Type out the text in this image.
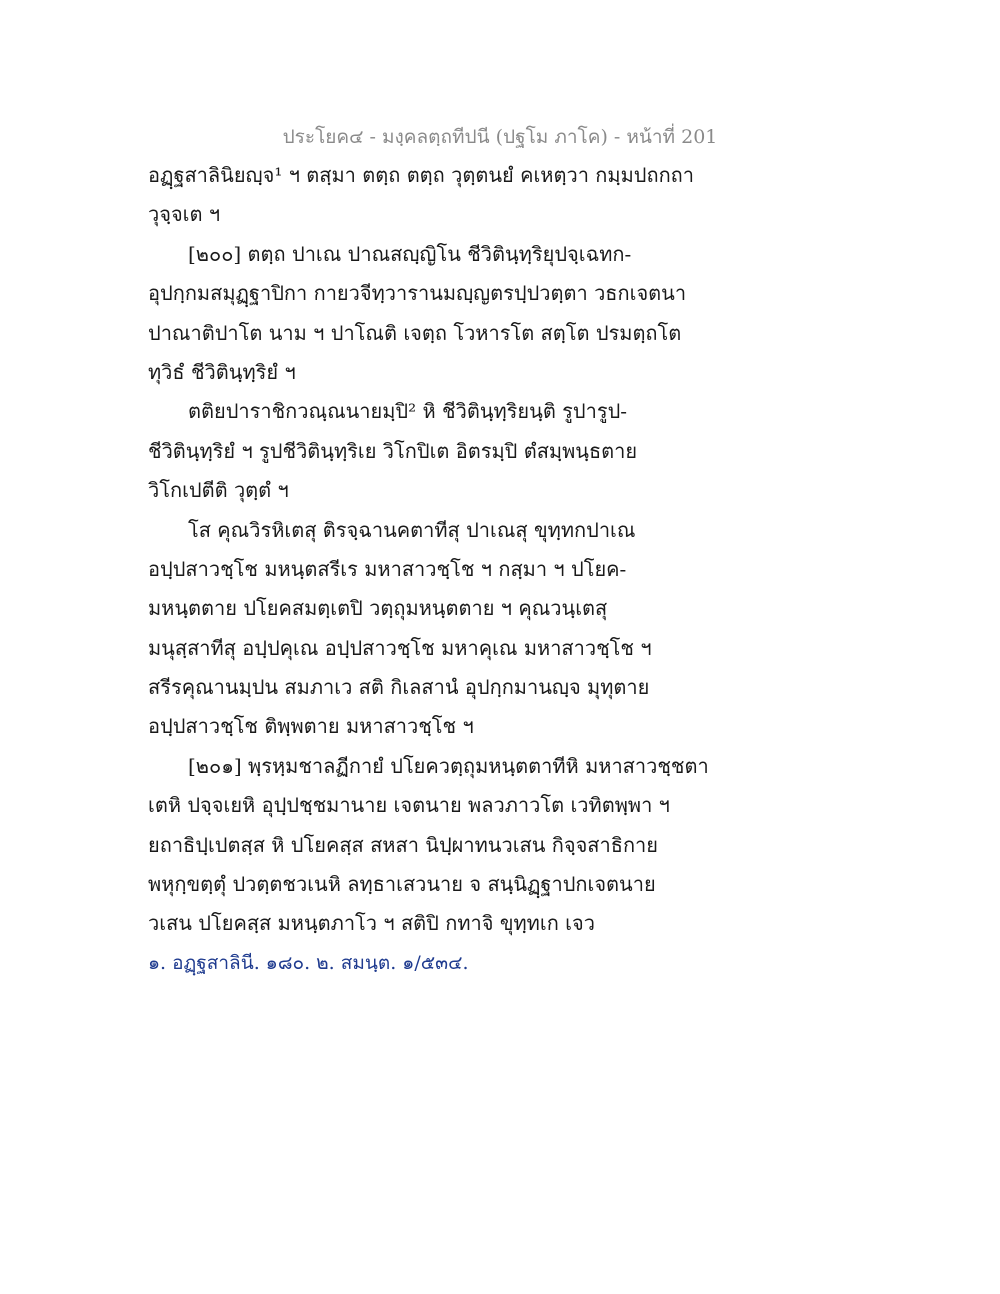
ประโยค๔ - มงฺคลตฺถทีปนี (ปฐโม ภาโค) - หน้าที่ 201
อฏฺฐสาลินิยญฺจ¹ ฯ ตสฺมา ตตฺถ ตตฺถ วุตฺตนยํ คเหตฺวา กมฺมปถกถา
วุจฺจเต ฯ
[๒๐๐] ตตฺถ ปาเณ ปาณสญฺญิโน ชีวิตินฺทฺริยุปจฺเฉทก-
อุปกฺกมสมุฏฺฐาปิกา กายวจีทฺวารานมญฺญตรปฺปวตฺตา วธกเจตนา
ปาณาติปาโต นาม ฯ ปาโณติ เจตฺถ โวหารโต สตฺโต ปรมตฺถโต
ทุวิธํ ชีวิตินฺทฺริยํ ฯ
ตติยปาราชิกวณฺณนายมฺปิ² หิ ชีวิตินฺทฺริยนฺติ รูปารูป-
ชีวิตินฺทฺริยํ ฯ รูปชีวิตินฺทฺริเย วิโกปิเต อิตรมฺปิ ตํสมฺพนฺธตาย
วิโกเปตีติ วุตฺตํ ฯ
โส คุณวิรหิเตสุ ติรจฺฉานคตาทีสุ ปาเณสุ ขุทฺทกปาเณ
อปฺปสาวชฺโช มหนฺตสรีเร มหาสาวชฺโช ฯ กสฺมา ฯ ปโยค-
มหนฺตตาย ปโยคสมตฺเตปิ วตฺถุมหนฺตตาย ฯ คุณวนฺเตสุ
มนุสฺสาทีสุ อปฺปคุเณ อปฺปสาวชฺโช มหาคุเณ มหาสาวชฺโช ฯ
สรีรคุณานมฺปน สมภาเว สติ กิเลสานํ อุปกฺกมานญฺจ มุทุตาย
อปฺปสาวชฺโช ติพฺพตาย มหาสาวชฺโช ฯ
[๒๐๑] พฺรหฺมชาลฏีกายํ ปโยควตฺถุมหนฺตตาทีหิ มหาสาวชฺชตา
เตหิ ปจฺจเยหิ อุปฺปชฺชมานาย เจตนาย พลวภาวโต เวทิตพฺพา ฯ
ยถาธิปฺเปตสฺส หิ ปโยคสฺส สหสา นิปฺผาทนวเสน กิจฺจสาธิกาย
พหุกฺขตฺตุํ ปวตฺตชวเนหิ ลทฺธาเสวนาย จ สนฺนิฏฺฐาปกเจตนาย
วเสน ปโยคสฺส มหนฺตภาโว ฯ สติปิ กทาจิ ขุทฺทเก เจว
๑. อฏฺฐสาลินี. ๑๘๐. ๒. สมนฺต. ๑/๕๓๔.
